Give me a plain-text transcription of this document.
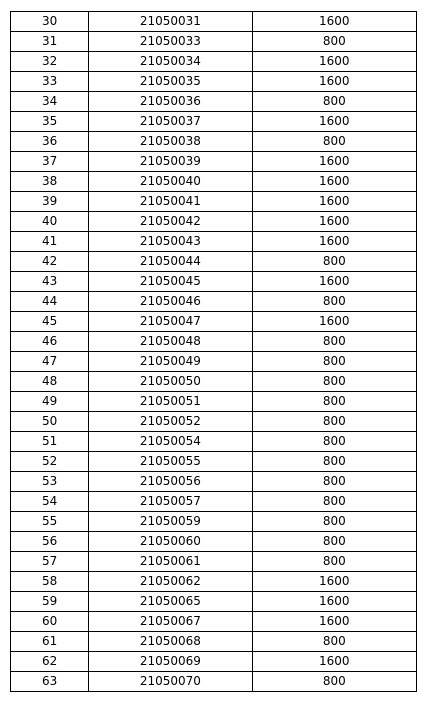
30	21050031	1600
31	21050033	800
32	21050034	1600
33	21050035	1600
34	21050036	800
35	21050037	1600
36	21050038	800
37	21050039	1600
38	21050040	1600
39	21050041	1600
40	21050042	1600
41	21050043	1600
42	21050044	800
43	21050045	1600
44	21050046	800
45	21050047	1600
46	21050048	800
47	21050049	800
48	21050050	800
49	21050051	800
50	21050052	800
51	21050054	800
52	21050055	800
53	21050056	800
54	21050057	800
55	21050059	800
56	21050060	800
57	21050061	800
58	21050062	1600
59	21050065	1600
60	21050067	1600
61	21050068	800
62	21050069	1600
63	21050070	800
